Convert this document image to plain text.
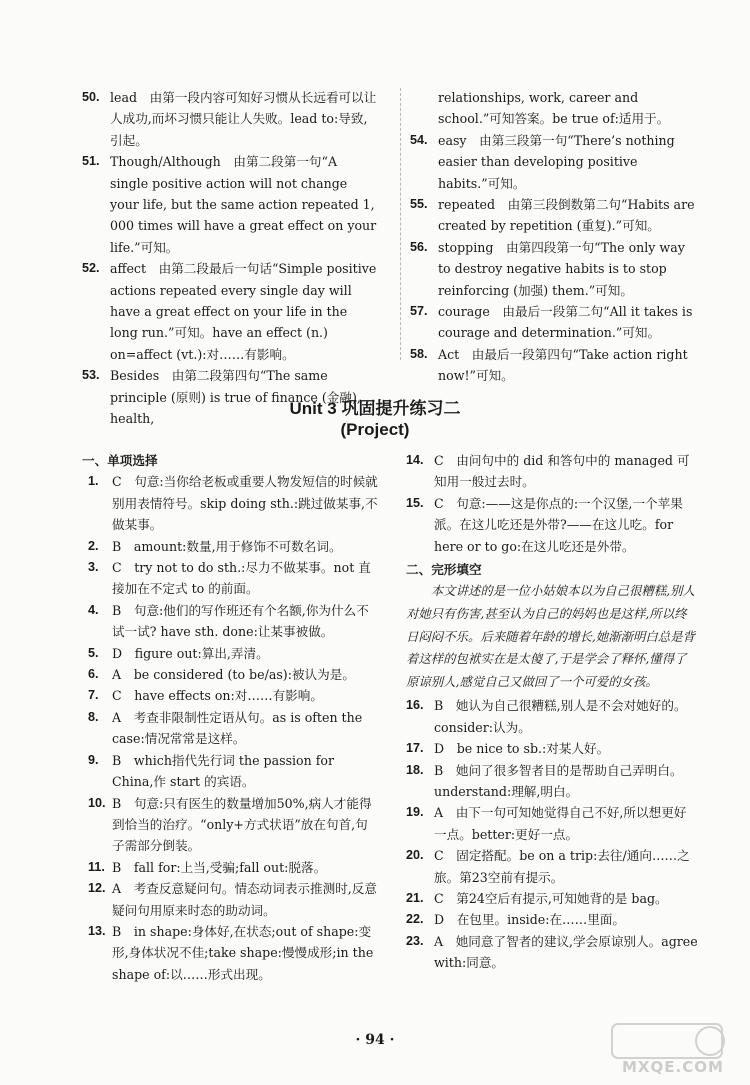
50. lead　由第一段内容可知好习惯从长远看可以让人成功,而坏习惯只能让人失败。lead to:导致,引起。

51. Though/Although　由第二段第一句“A single positive action will not change your life, but the same action repeated 1, 000 times will have a great effect on your life.”可知。

52. affect　由第二段最后一句话“Simple positive actions repeated every single day will have a great effect on your life in the long run.”可知。have an effect (n.) on=affect (vt.):对……有影响。

53. Besides　由第二段第四句“The same principle (原则) is true of finance (金融), health,

relationships, work, career and school.”可知答案。be true of:适用于。

54. easy　由第三段第一句“There’s nothing easier than developing positive habits.”可知。

55. repeated　由第三段倒数第二句“Habits are created by repetition (重复).”可知。

56. stopping　由第四段第一句“The only way to destroy negative habits is to stop reinforcing (加强) them.”可知。

57. courage　由最后一段第二句“All it takes is courage and determination.”可知。

58. Act　由最后一段第四句“Take action right now!”可知。

Unit 3 巩固提升练习二
(Project)

一、单项选择

1. C　句意:当你给老板或重要人物发短信的时候就别用表情符号。skip doing sth.:跳过做某事,不做某事。

2. B　amount:数量,用于修饰不可数名词。

3. C　try not to do sth.:尽力不做某事。not 直接加在不定式 to 的前面。

4. B　句意:他们的写作班还有个名额,你为什么不试一试? have sth. done:让某事被做。

5. D　figure out:算出,弄清。

6. A　be considered (to be/as):被认为是。

7. C　have effects on:对……有影响。

8. A　考查非限制性定语从句。as is often the case:情况常常是这样。

9. B　which指代先行词 the passion for China,作 start 的宾语。

10. B　句意:只有医生的数量增加50%,病人才能得到恰当的治疗。“only+方式状语”放在句首,句子需部分倒装。

11. B　fall for:上当,受骗;fall out:脱落。

12. A　考查反意疑问句。情态动词表示推测时,反意疑问句用原来时态的助动词。

13. B　in shape:身体好,在状态;out of shape:变形,身体状况不佳;take shape:慢慢成形;in the shape of:以……形式出现。

14. C　由问句中的 did 和答句中的 managed 可知用一般过去时。

15. C　句意:——这是你点的:一个汉堡,一个苹果派。在这儿吃还是外带?——在这儿吃。for here or to go:在这儿吃还是外带。

二、完形填空

本文讲述的是一位小姑娘本以为自己很糟糕,别人对她只有伤害,甚至认为自己的妈妈也是这样,所以终日闷闷不乐。后来随着年龄的增长,她渐渐明白总是背着这样的包袱实在是太傻了,于是学会了释怀,懂得了原谅别人,感觉自己又做回了一个可爱的女孩。

16. B　她认为自己很糟糕,别人是不会对她好的。consider:认为。

17. D　be nice to sb.:对某人好。

18. B　她问了很多智者目的是帮助自己弄明白。understand:理解,明白。

19. A　由下一句可知她觉得自己不好,所以想更好一点。better:更好一点。

20. C　固定搭配。be on a trip:去往/通向……之旅。第23空前有提示。

21. C　第24空后有提示,可知她背的是 bag。

22. D　在包里。inside:在……里面。

23. A　她同意了智者的建议,学会原谅别人。agree with:同意。

· 94 ·
MXQE.COM
